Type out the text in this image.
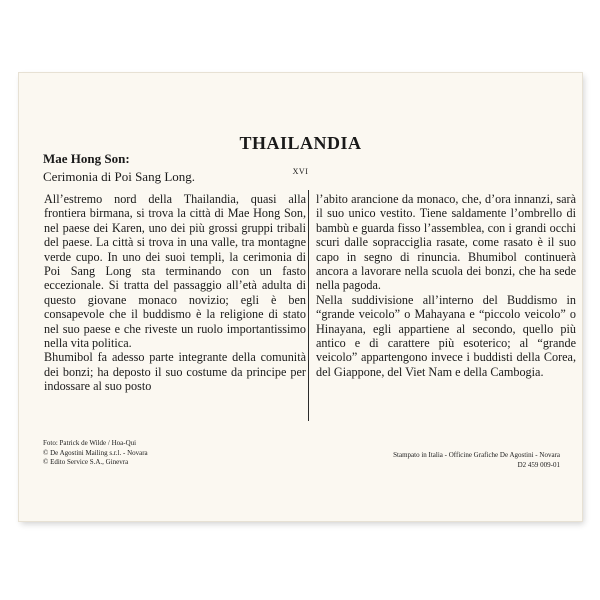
THAILANDIA
Mae Hong Son:
Cerimonia di Poi Sang Long.	XVI

All’estremo nord della Thailandia, quasi alla frontiera birmana, si trova la città di Mae Hong Son, nel paese dei Karen, uno dei più grossi gruppi tribali del paese. La città si trova in una valle, tra montagne verde cupo. In uno dei suoi templi, la cerimonia di Poi Sang Long sta terminando con un fasto eccezionale. Si tratta del passaggio all’età adulta di questo giovane monaco novizio; egli è ben consapevole che il buddismo è la religione di stato nel suo paese e che riveste un ruolo importantissimo nella vita politica.

Bhumibol fa adesso parte integrante della comunità dei bonzi; ha deposto il suo costume da principe per indossare al suo posto

l’abito arancione da monaco, che, d’ora innanzi, sarà il suo unico vestito. Tiene saldamente l’ombrello di bambù e guarda fisso l’assemblea, con i grandi occhi scuri dalle sopracciglia rasate, come rasato è il suo capo in segno di rinuncia. Bhumibol continuerà ancora a lavorare nella scuola dei bonzi, che ha sede nella pagoda.

Nella suddivisione all’interno del Buddismo in “grande veicolo” o Mahayana e “piccolo veicolo” o Hinayana, egli appartiene al secondo, quello più antico e di carattere più esoterico; al “grande veicolo” appartengono invece i buddisti della Corea, del Giappone, del Viet Nam e della Cambogia.

Foto: Patrick de Wilde / Hoa-Qui
© De Agostini Mailing s.r.l. - Novara
© Edito Service S.A., Ginevra
Stampato in Italia - Officine Grafiche De Agostini - Novara
D2 459 009-01
